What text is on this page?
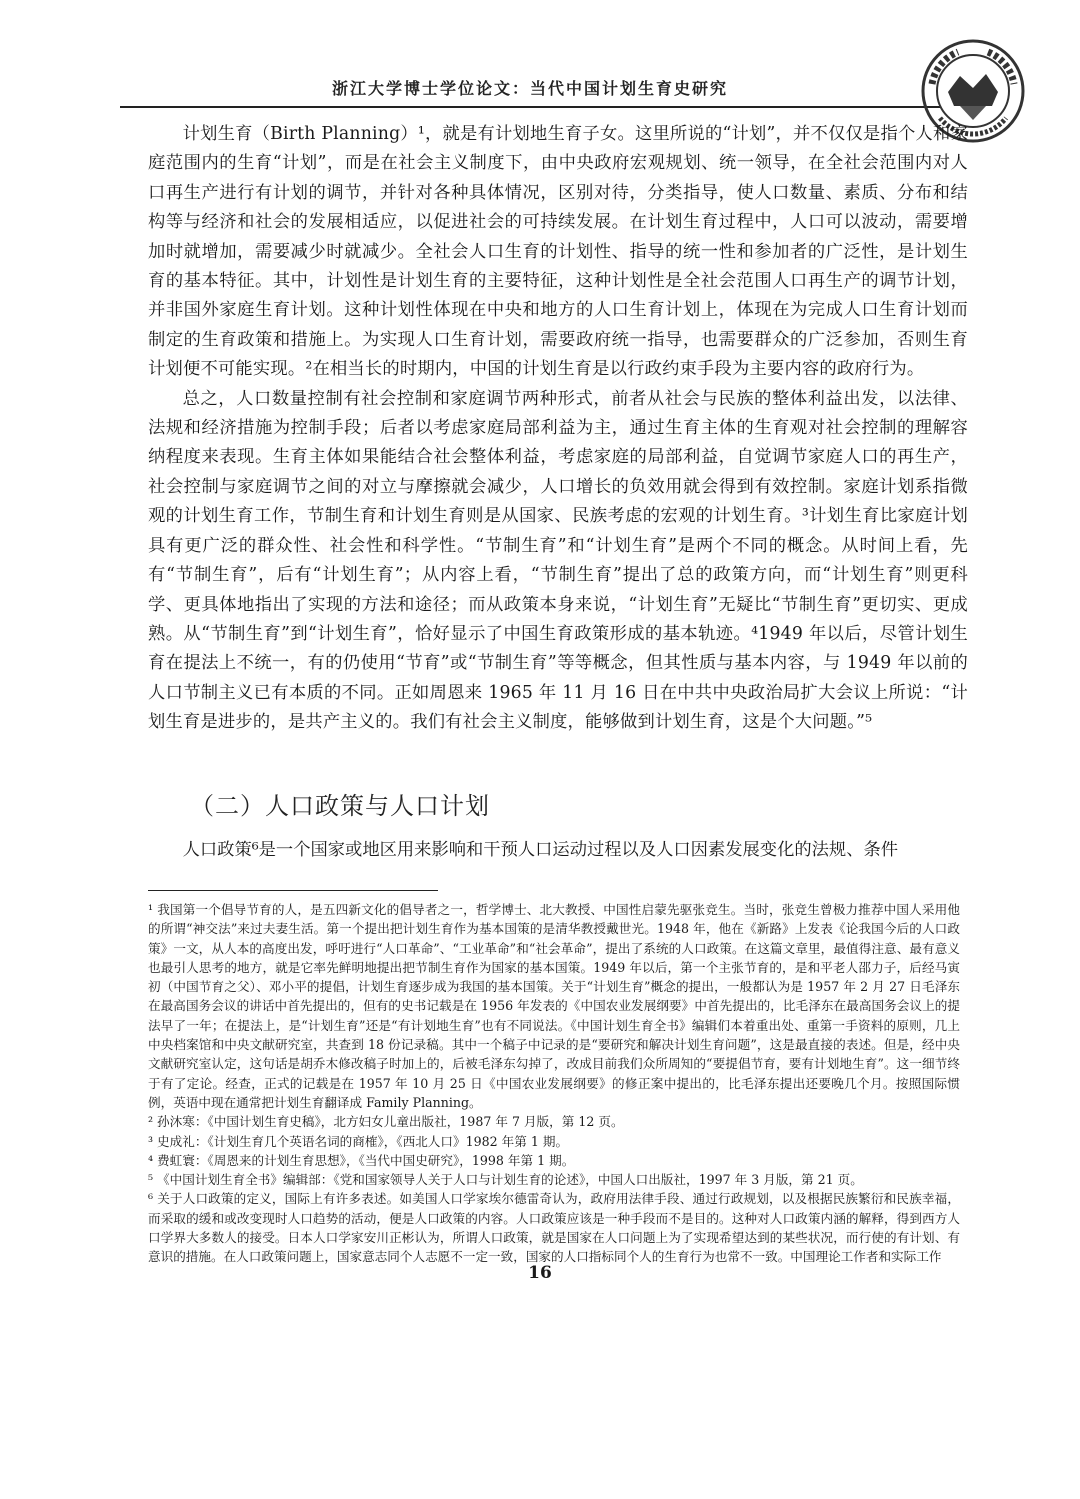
浙江大学博士学位论文：当代中国计划生育史研究

计划生育（Birth Planning）¹，就是有计划地生育子女。这里所说的“计划”，并不仅仅是指个人和家庭范围内的生育“计划”，而是在社会主义制度下，由中央政府宏观规划、统一领导，在全社会范围内对人口再生产进行有计划的调节，并针对各种具体情况，区别对待，分类指导，使人口数量、素质、分布和结构等与经济和社会的发展相适应，以促进社会的可持续发展。在计划生育过程中，人口可以波动，需要增加时就增加，需要减少时就减少。全社会人口生育的计划性、指导的统一性和参加者的广泛性，是计划生育的基本特征。其中，计划性是计划生育的主要特征，这种计划性是全社会范围人口再生产的调节计划，并非国外家庭生育计划。这种计划性体现在中央和地方的人口生育计划上，体现在为完成人口生育计划而制定的生育政策和措施上。为实现人口生育计划，需要政府统一指导，也需要群众的广泛参加，否则生育计划便不可能实现。²在相当长的时期内，中国的计划生育是以行政约束手段为主要内容的政府行为。

总之，人口数量控制有社会控制和家庭调节两种形式，前者从社会与民族的整体利益出发，以法律、法规和经济措施为控制手段；后者以考虑家庭局部利益为主，通过生育主体的生育观对社会控制的理解容纳程度来表现。生育主体如果能结合社会整体利益，考虑家庭的局部利益，自觉调节家庭人口的再生产，社会控制与家庭调节之间的对立与摩擦就会减少，人口增长的负效用就会得到有效控制。家庭计划系指微观的计划生育工作，节制生育和计划生育则是从国家、民族考虑的宏观的计划生育。³计划生育比家庭计划具有更广泛的群众性、社会性和科学性。“节制生育”和“计划生育”是两个不同的概念。从时间上看，先有“节制生育”，后有“计划生育”；从内容上看，“节制生育”提出了总的政策方向，而“计划生育”则更科学、更具体地指出了实现的方法和途径；而从政策本身来说，“计划生育”无疑比“节制生育”更切实、更成熟。从“节制生育”到“计划生育”，恰好显示了中国生育政策形成的基本轨迹。⁴1949 年以后，尽管计划生育在提法上不统一，有的仍使用“节育”或“节制生育”等等概念，但其性质与基本内容，与 1949 年以前的人口节制主义已有本质的不同。正如周恩来 1965 年 11 月 16 日在中共中央政治局扩大会议上所说：“计划生育是进步的，是共产主义的。我们有社会主义制度，能够做到计划生育，这是个大问题。”⁵

（二）人口政策与人口计划

人口政策⁶是一个国家或地区用来影响和干预人口运动过程以及人口因素发展变化的法规、条件

¹ 我国第一个倡导节育的人，是五四新文化的倡导者之一，哲学博士、北大教授、中国性启蒙先驱张竞生。当时，张竞生曾极力推荐中国人采用他的所谓“神交法”来过夫妻生活。第一个提出把计划生育作为基本国策的是清华教授戴世光。1948 年，他在《新路》上发表《论我国今后的人口政策》一文，从人本的高度出发，呼吁进行“人口革命”、“工业革命”和“社会革命”，提出了系统的人口政策。在这篇文章里，最值得注意、最有意义也最引人思考的地方，就是它率先鲜明地提出把节制生育作为国家的基本国策。1949 年以后，第一个主张节育的，是和平老人邵力子，后经马寅初（中国节育之父）、邓小平的提倡，计划生育逐步成为我国的基本国策。关于“计划生育”概念的提出，一般都认为是 1957 年 2 月 27 日毛泽东在最高国务会议的讲话中首先提出的，但有的史书记载是在 1956 年发表的《中国农业发展纲要》中首先提出的，比毛泽东在最高国务会议上的提法早了一年；在提法上，是“计划生育”还是“有计划地生育”也有不同说法。《中国计划生育全书》编辑们本着重出处、重第一手资料的原则，几上中央档案馆和中央文献研究室，共查到 18 份记录稿。其中一个稿子中记录的是“要研究和解决计划生育问题”，这是最直接的表述。但是，经中央文献研究室认定，这句话是胡乔木修改稿子时加上的，后被毛泽东勾掉了，改成目前我们众所周知的“要提倡节育，要有计划地生育”。这一细节终于有了定论。经查，正式的记载是在 1957 年 10 月 25 日《中国农业发展纲要》的修正案中提出的，比毛泽东提出还要晚几个月。按照国际惯例，英语中现在通常把计划生育翻译成 Family Planning。

² 孙沐寒：《中国计划生育史稿》，北方妇女儿童出版社，1987 年 7 月版，第 12 页。

³ 史成礼：《计划生育几个英语名词的商榷》，《西北人口》1982 年第 1 期。

⁴ 费虹寰：《周恩来的计划生育思想》，《当代中国史研究》，1998 年第 1 期。

⁵ 《中国计划生育全书》编辑部：《党和国家领导人关于人口与计划生育的论述》，中国人口出版社，1997 年 3 月版，第 21 页。

⁶ 关于人口政策的定义，国际上有许多表述。如美国人口学家埃尔德雷奇认为，政府用法律手段、通过行政规划，以及根据民族繁衍和民族幸福，而采取的缓和或改变现时人口趋势的活动，便是人口政策的内容。人口政策应该是一种手段而不是目的。这种对人口政策内涵的解释，得到西方人口学界大多数人的接受。日本人口学家安川正彬认为，所谓人口政策，就是国家在人口问题上为了实现希望达到的某些状况，而行使的有计划、有意识的措施。在人口政策问题上，国家意志同个人志愿不一定一致，国家的人口指标同个人的生育行为也常不一致。中国理论工作者和实际工作

16
